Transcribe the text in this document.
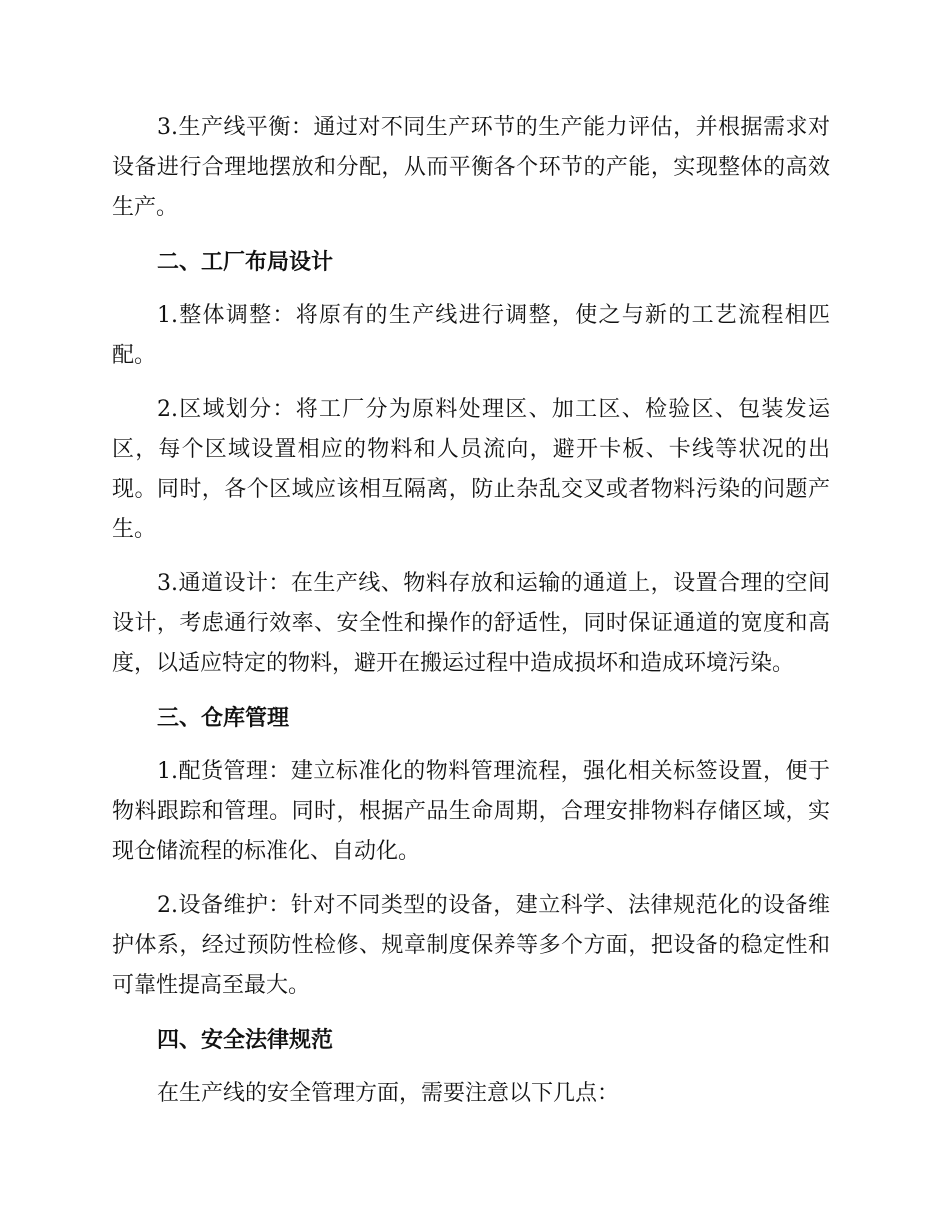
3.生产线平衡：通过对不同生产环节的生产能力评估，并根据需求对设备进行合理地摆放和分配，从而平衡各个环节的产能，实现整体的高效生产。

二、工厂布局设计

1.整体调整：将原有的生产线进行调整，使之与新的工艺流程相匹配。

2.区域划分：将工厂分为原料处理区、加工区、检验区、包装发运区，每个区域设置相应的物料和人员流向，避开卡板、卡线等状况的出现。同时，各个区域应该相互隔离，防止杂乱交叉或者物料污染的问题产生。

3.通道设计：在生产线、物料存放和运输的通道上，设置合理的空间设计，考虑通行效率、安全性和操作的舒适性，同时保证通道的宽度和高度，以适应特定的物料，避开在搬运过程中造成损坏和造成环境污染。

三、仓库管理

1.配货管理：建立标准化的物料管理流程，强化相关标签设置，便于物料跟踪和管理。同时，根据产品生命周期，合理安排物料存储区域，实现仓储流程的标准化、自动化。

2.设备维护：针对不同类型的设备，建立科学、法律规范化的设备维护体系，经过预防性检修、规章制度保养等多个方面，把设备的稳定性和可靠性提高至最大。

四、安全法律规范

在生产线的安全管理方面，需要注意以下几点：
